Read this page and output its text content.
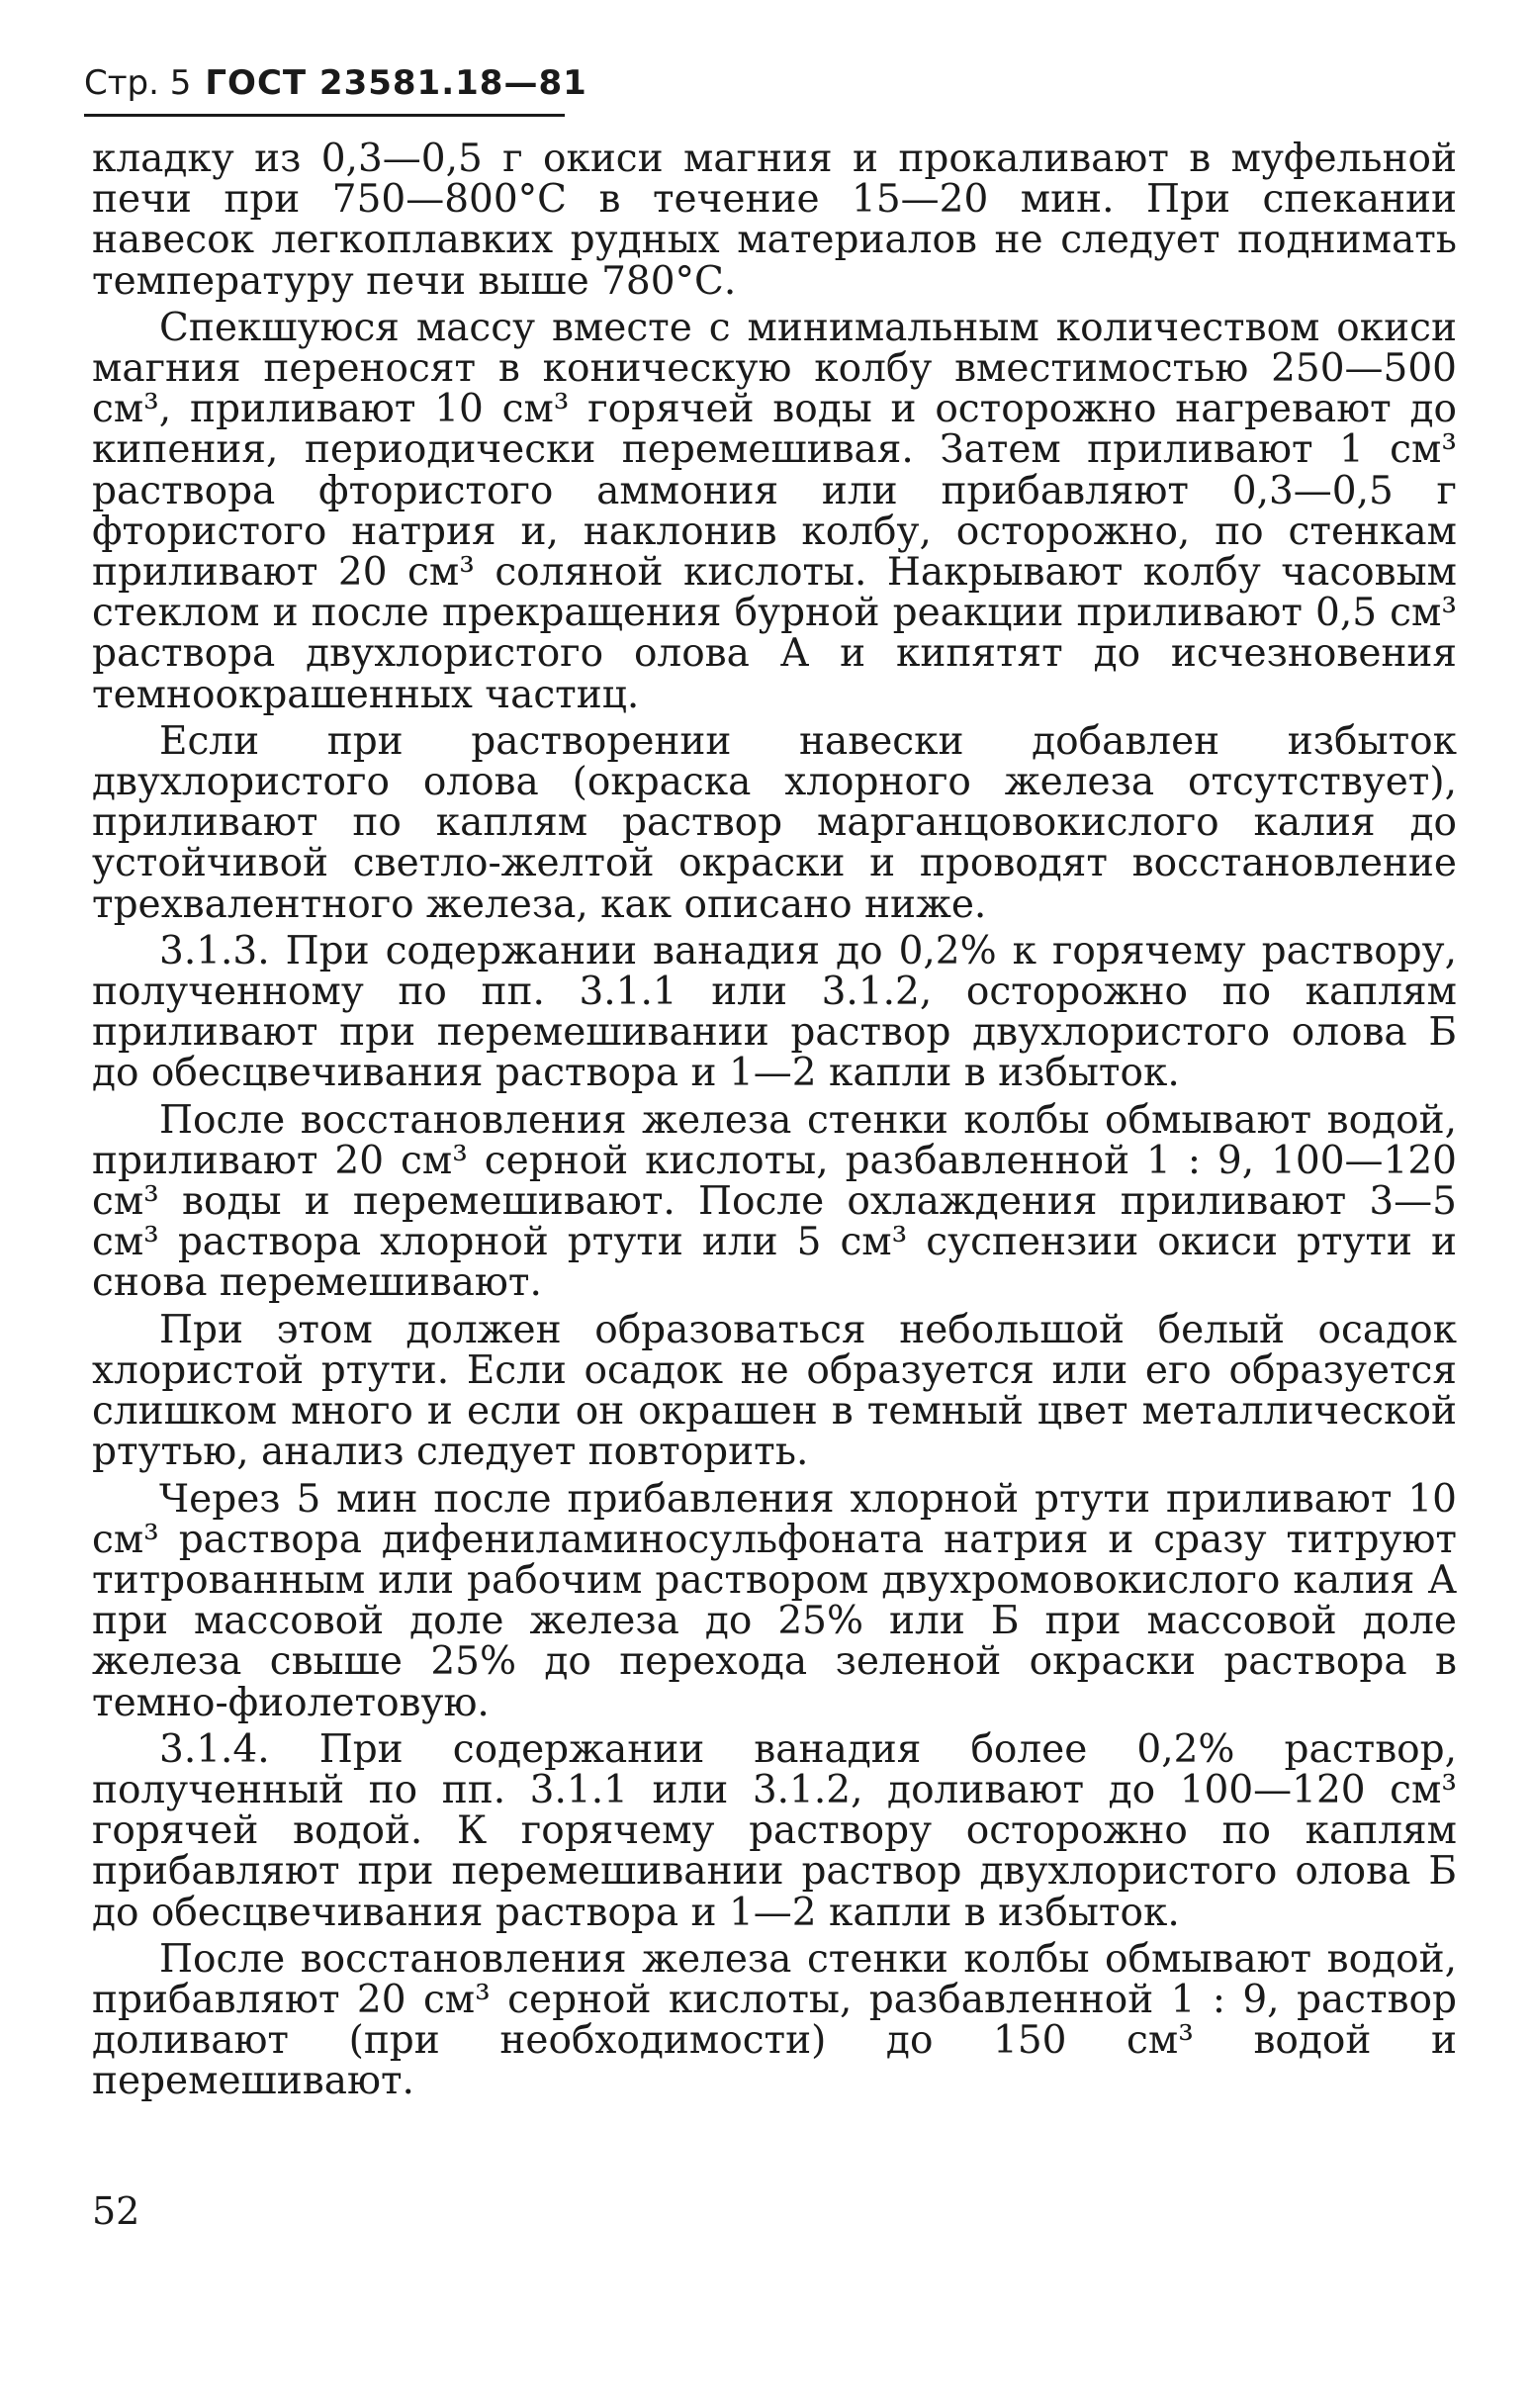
Стр. 5 ГОСТ 23581.18—81

кладку из 0,3—0,5 г окиси магния и прокаливают в муфельной печи при 750—800°С в течение 15—20 мин. При спекании навесок легкоплавких рудных материалов не следует поднимать температуру печи выше 780°С.

Спекшуюся массу вместе с минимальным количеством окиси магния переносят в коническую колбу вместимостью 250—500 см³, приливают 10 см³ горячей воды и осторожно нагревают до кипения, периодически перемешивая. Затем приливают 1 см³ раствора фтористого аммония или прибавляют 0,3—0,5 г фтористого натрия и, наклонив колбу, осторожно, по стенкам приливают 20 см³ соляной кислоты. Накрывают колбу часовым стеклом и после прекращения бурной реакции приливают 0,5 см³ раствора двухлористого олова А и кипятят до исчезновения темноокрашенных частиц.

Если при растворении навески добавлен избыток двухлористого олова (окраска хлорного железа отсутствует), приливают по каплям раствор марганцовокислого калия до устойчивой светло-желтой окраски и проводят восстановление трехвалентного железа, как описано ниже.

3.1.3. При содержании ванадия до 0,2% к горячему раствору, полученному по пп. 3.1.1 или 3.1.2, осторожно по каплям приливают при перемешивании раствор двухлористого олова Б до обесцвечивания раствора и 1—2 капли в избыток.

После восстановления железа стенки колбы обмывают водой, приливают 20 см³ серной кислоты, разбавленной 1 : 9, 100—120 см³ воды и перемешивают. После охлаждения приливают 3—5 см³ раствора хлорной ртути или 5 см³ суспензии окиси ртути и снова перемешивают.

При этом должен образоваться небольшой белый осадок хлористой ртути. Если осадок не образуется или его образуется слишком много и если он окрашен в темный цвет металлической ртутью, анализ следует повторить.

Через 5 мин после прибавления хлорной ртути приливают 10 см³ раствора дифениламиносульфоната натрия и сразу титруют титрованным или рабочим раствором двухромовокислого калия А при массовой доле железа до 25% или Б при массовой доле железа свыше 25% до перехода зеленой окраски раствора в темно-фиолетовую.

3.1.4. При содержании ванадия более 0,2% раствор, полученный по пп. 3.1.1 или 3.1.2, доливают до 100—120 см³ горячей водой. К горячему раствору осторожно по каплям прибавляют при перемешивании раствор двухлористого олова Б до обесцвечивания раствора и 1—2 капли в избыток.

После восстановления железа стенки колбы обмывают водой, прибавляют 20 см³ серной кислоты, разбавленной 1 : 9, раствор доливают (при необходимости) до 150 см³ водой и перемешивают.

52
